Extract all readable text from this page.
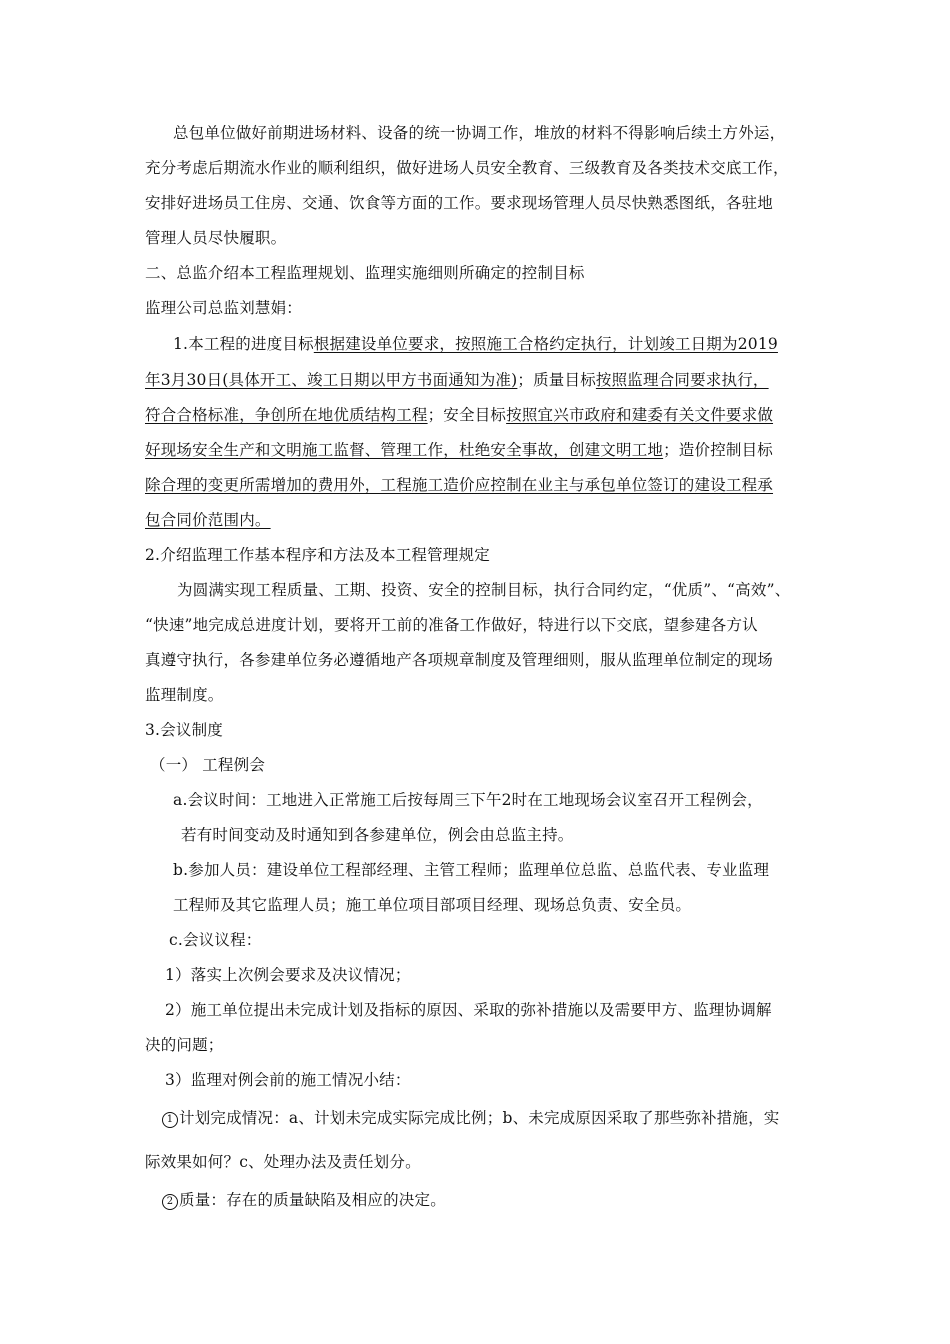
总包单位做好前期进场材料、设备的统一协调工作，堆放的材料不得影响后续土方外运，
充分考虑后期流水作业的顺利组织，做好进场人员安全教育、三级教育及各类技术交底工作，
安排好进场员工住房、交通、饮食等方面的工作。要求现场管理人员尽快熟悉图纸，各驻地
管理人员尽快履职。
二、总监介绍本工程监理规划、监理实施细则所确定的控制目标
监理公司总监刘慧娟：
1.本工程的进度目标根据建设单位要求，按照施工合格约定执行，计划竣工日期为2019
年3月30日(具体开工、竣工日期以甲方书面通知为准)；质量目标按照监理合同要求执行，
符合合格标准，争创所在地优质结构工程；安全目标按照宜兴市政府和建委有关文件要求做
好现场安全生产和文明施工监督、管理工作，杜绝安全事故，创建文明工地；造价控制目标
除合理的变更所需增加的费用外，工程施工造价应控制在业主与承包单位签订的建设工程承
包合同价范围内。
2.介绍监理工作基本程序和方法及本工程管理规定
为圆满实现工程质量、工期、投资、安全的控制目标，执行合同约定，“优质”、“高效”、
“快速”地完成总进度计划，要将开工前的准备工作做好，特进行以下交底，望参建各方认
真遵守执行，各参建单位务必遵循地产各项规章制度及管理细则，服从监理单位制定的现场
监理制度。
3.会议制度
（一） 工程例会
a.会议时间：工地进入正常施工后按每周三下午2时在工地现场会议室召开工程例会，
若有时间变动及时通知到各参建单位，例会由总监主持。
b.参加人员：建设单位工程部经理、主管工程师；监理单位总监、总监代表、专业监理
工程师及其它监理人员；施工单位项目部项目经理、现场总负责、安全员。
c.会议议程：
1）落实上次例会要求及决议情况；
2）施工单位提出未完成计划及指标的原因、采取的弥补措施以及需要甲方、监理协调解
决的问题；
3）监理对例会前的施工情况小结：
1 计划完成情况：a、计划未完成实际完成比例；b、未完成原因采取了那些弥补措施，实
际效果如何？c、处理办法及责任划分。
2 质量：存在的质量缺陷及相应的决定。
